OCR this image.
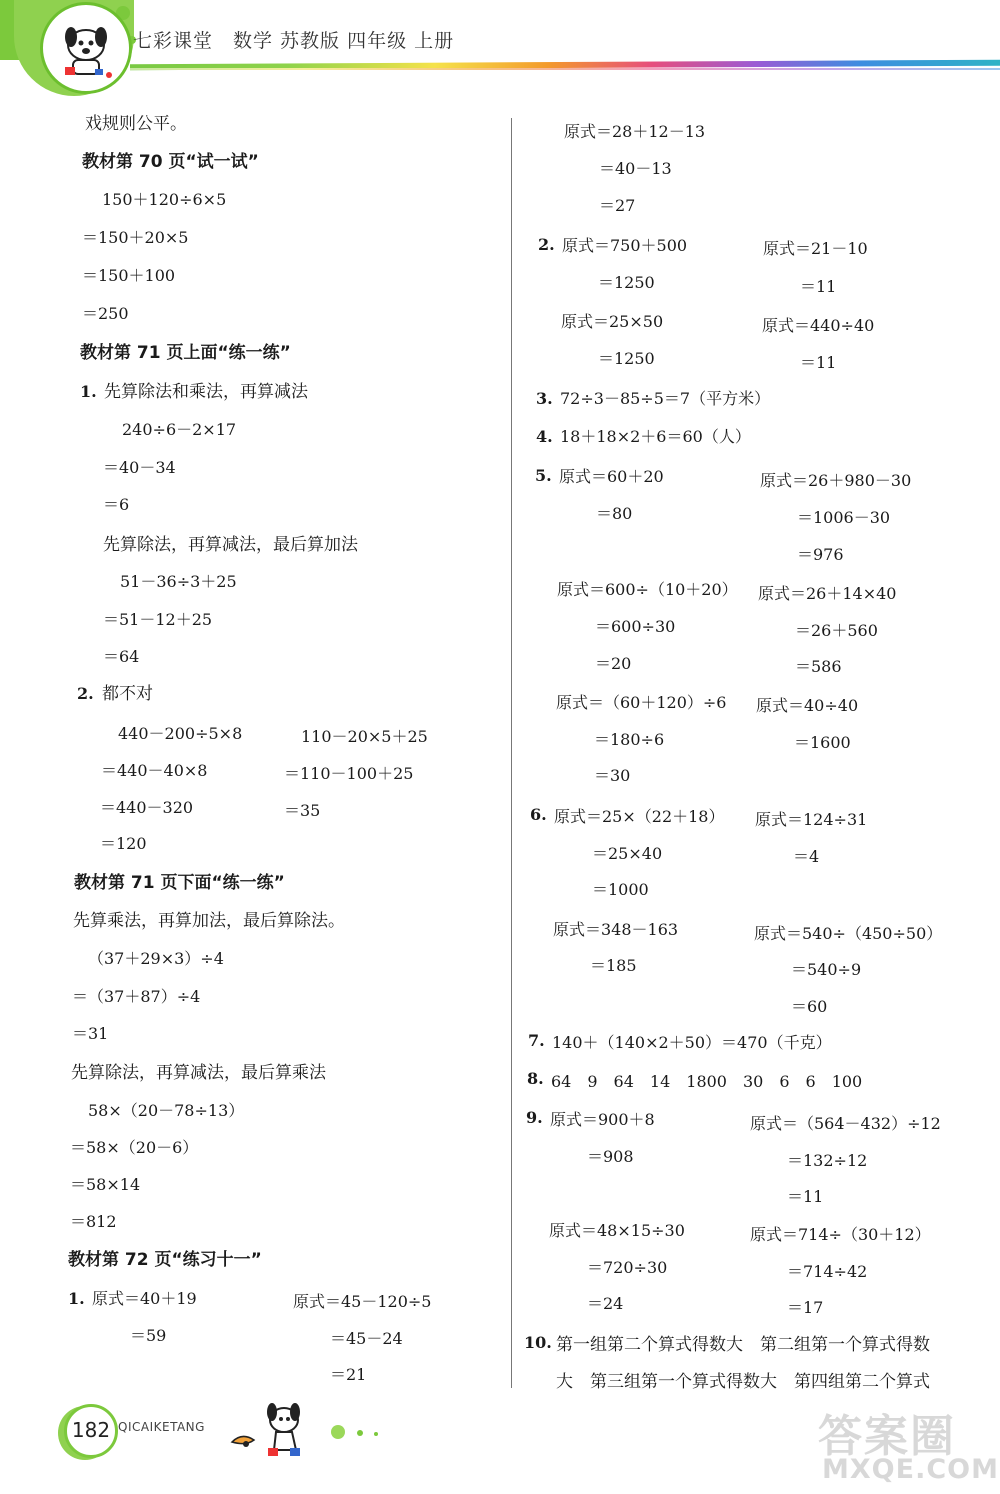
七彩课堂　数学 苏教版 四年级 上册
戏规则公平。
教材第 70 页“试一试”
150＋120÷6×5
＝150＋20×5
＝150＋100
＝250
教材第 71 页上面“练一练”
1. 先算除法和乘法，再算减法
240÷6－2×17
＝40－34
＝6
先算除法，再算减法，最后算加法
51－36÷3＋25
＝51－12＋25
＝64
2. 都不对
440－200÷5×8	110－20×5＋25
＝440－40×8	＝110－100＋25
＝440－320	＝35
＝120
教材第 71 页下面“练一练”
先算乘法，再算加法，最后算除法。
（37＋29×3）÷4
＝（37＋87）÷4
＝31
先算除法，再算减法，最后算乘法
58×（20－78÷13）
＝58×（20－6）
＝58×14
＝812
教材第 72 页“练习十一”
1. 原式＝40＋19	原式＝45－120÷5
＝59	＝45－24
＝21
原式＝28＋12－13
＝40－13
＝27
2. 原式＝750＋500	原式＝21－10
＝1250	＝11
原式＝25×50	原式＝440÷40
＝1250	＝11
3. 72÷3－85÷5＝7（平方米）
4. 18＋18×2＋6＝60（人）
5. 原式＝60＋20	原式＝26＋980－30
＝80	＝1006－30
＝976
原式＝600÷（10＋20） 原式＝26＋14×40
＝600÷30	＝26＋560
＝20	＝586
原式＝（60＋120）÷6 原式＝40÷40
＝180÷6	＝1600
＝30
6. 原式＝25×（22＋18） 原式＝124÷31
＝25×40	＝4
＝1000
原式＝348－163	原式＝540÷（450÷50）
＝185	＝540÷9
＝60
7. 140＋（140×2＋50）＝470（千克）
8. 64　9　64　14　1800　30　6　6　100
9. 原式＝900＋8	原式＝（564－432）÷12
＝908	＝132÷12
＝11
原式＝48×15÷30	原式＝714÷（30＋12）
＝720÷30	＝714÷42
＝24	＝17
10. 第一组第二个算式得数大　第二组第一个算式得数
大　第三组第一个算式得数大　第四组第二个算式
182 QICAIKETANG	答案圈
MXQE.COM
